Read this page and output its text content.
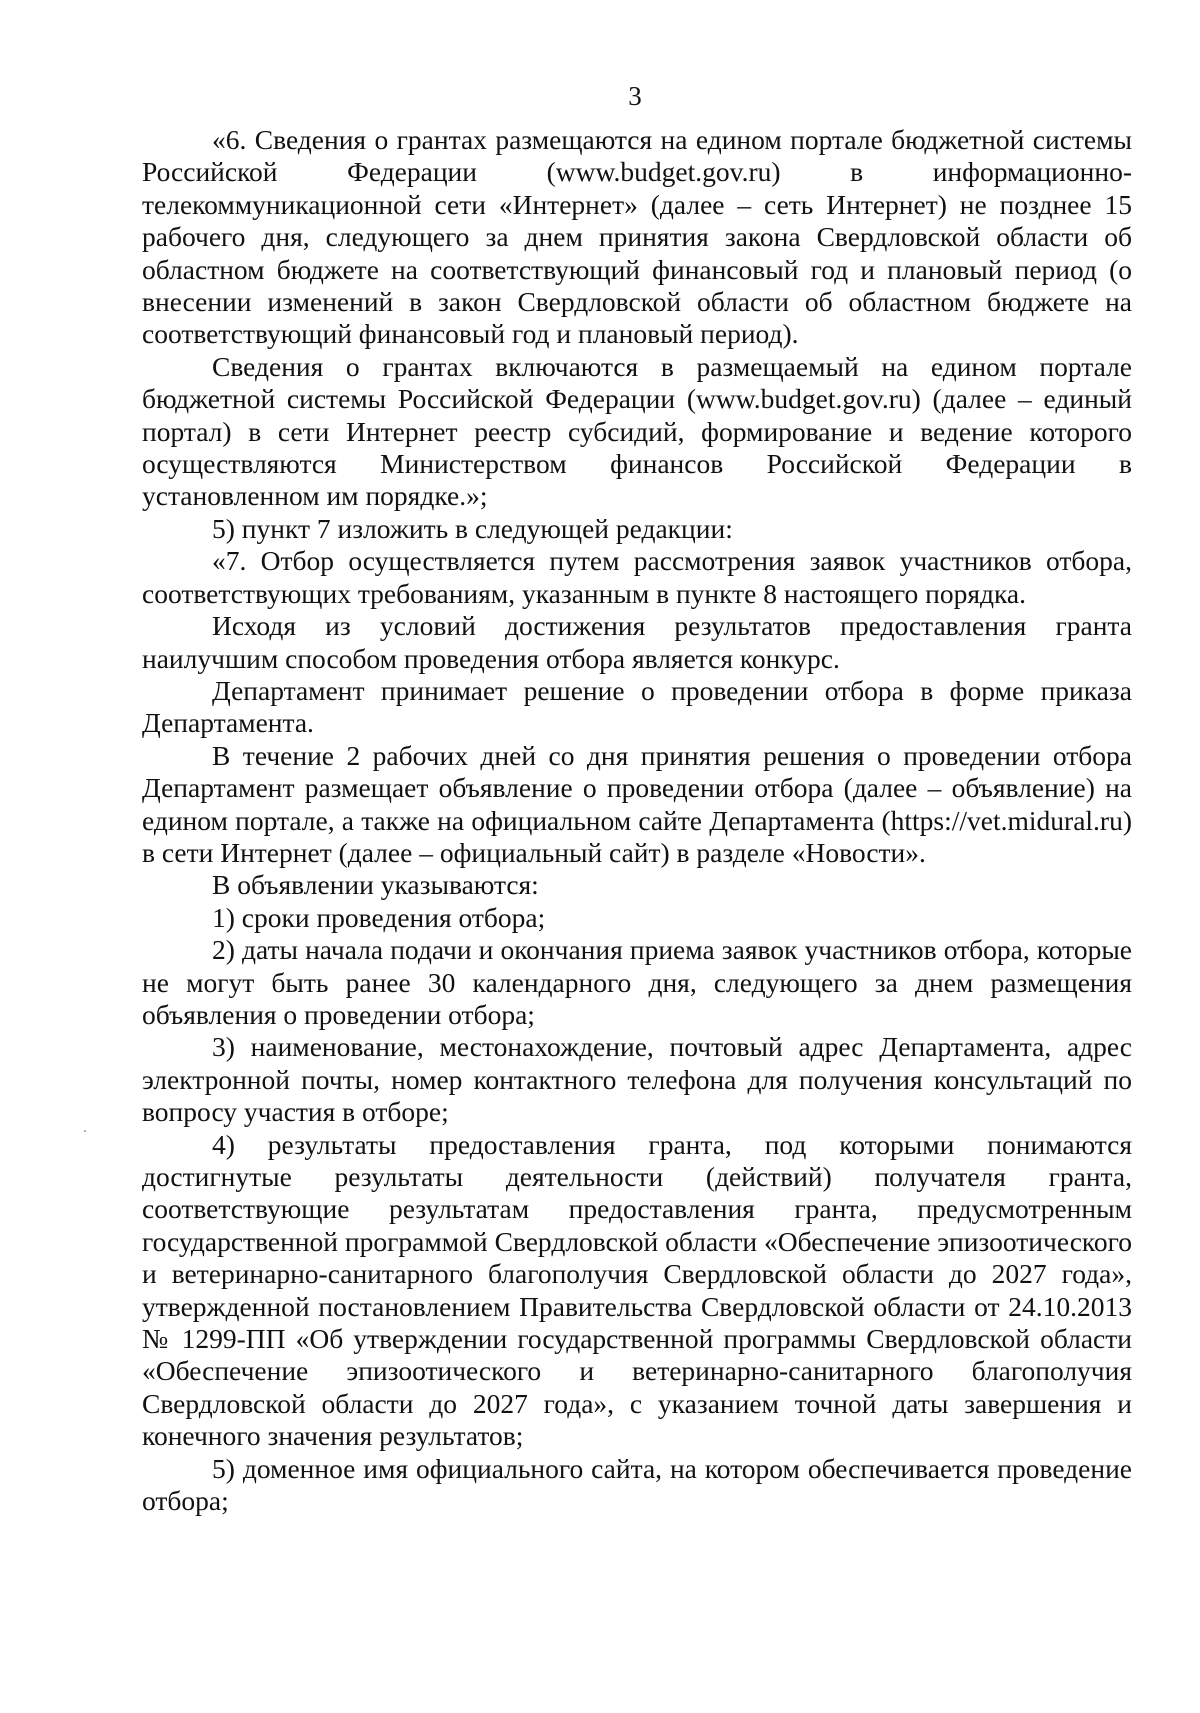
3

«6. Сведения о грантах размещаются на едином портале бюджетной системы Российской Федерации (www.budget.gov.ru) в информационно-телекоммуникационной сети «Интернет» (далее – сеть Интернет) не позднее 15 рабочего дня, следующего за днем принятия закона Свердловской области об областном бюджете на соответствующий финансовый год и плановый период (о внесении изменений в закон Свердловской области об областном бюджете на соответствующий финансовый год и плановый период).

Сведения о грантах включаются в размещаемый на едином портале бюджетной системы Российской Федерации (www.budget.gov.ru) (далее – единый портал) в сети Интернет реестр субсидий, формирование и ведение которого осуществляются Министерством финансов Российской Федерации в установленном им порядке.»;

5) пункт 7 изложить в следующей редакции:

«7. Отбор осуществляется путем рассмотрения заявок участников отбора, соответствующих требованиям, указанным в пункте 8 настоящего порядка.

Исходя из условий достижения результатов предоставления гранта наилучшим способом проведения отбора является конкурс.

Департамент принимает решение о проведении отбора в форме приказа Департамента.

В течение 2 рабочих дней со дня принятия решения о проведении отбора Департамент размещает объявление о проведении отбора (далее – объявление) на едином портале, а также на официальном сайте Департамента (https://vet.midural.ru) в сети Интернет (далее – официальный сайт) в разделе «Новости».

В объявлении указываются:

1) сроки проведения отбора;

2) даты начала подачи и окончания приема заявок участников отбора, которые не могут быть ранее 30 календарного дня, следующего за днем размещения объявления о проведении отбора;

3) наименование, местонахождение, почтовый адрес Департамента, адрес электронной почты, номер контактного телефона для получения консультаций по вопросу участия в отборе;

4) результаты предоставления гранта, под которыми понимаются достигнутые результаты деятельности (действий) получателя гранта, соответствующие результатам предоставления гранта, предусмотренным государственной программой Свердловской области «Обеспечение эпизоотического и ветеринарно-санитарного благополучия Свердловской области до 2027 года», утвержденной постановлением Правительства Свердловской области от 24.10.2013 № 1299-ПП «Об утверждении государственной программы Свердловской области «Обеспечение эпизоотического и ветеринарно-санитарного благополучия Свердловской области до 2027 года», с указанием точной даты завершения и конечного значения результатов;

5) доменное имя официального сайта, на котором обеспечивается проведение отбора;
